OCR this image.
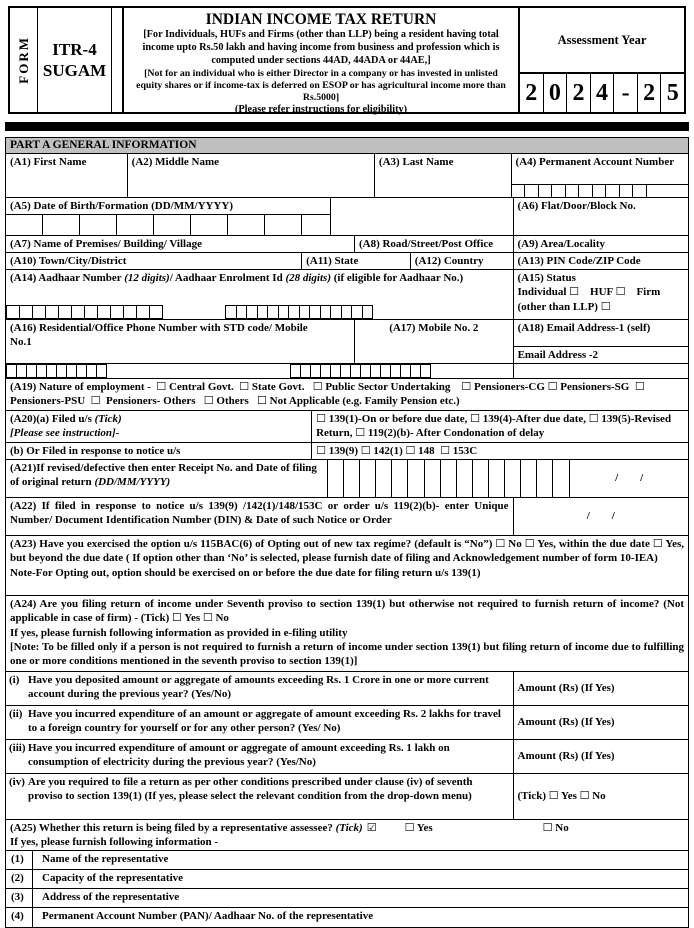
FORM ITR-4
SUGAM
INDIAN INCOME TAX RETURN
[For Individuals, HUFs and Firms (other than LLP) being a resident having total income upto Rs.50 lakh and having income from business and profession which is computed under sections 44AD, 44ADA or 44AE,]
[Not for an individual who is either Director in a company or has invested in unlisted equity shares or if income-tax is deferred on ESOP or has agricultural income more than Rs.5000]
(Please refer instructions for eligibility)
Assessment Year
2 0 2 4 - 2 5
PART A GENERAL INFORMATION
(A1) First Name	(A2) Middle Name	(A3) Last Name	(A4) Permanent Account Number
(A5) Date of Birth/Formation (DD/MM/YYYY)	(A6) Flat/Door/Block No.
(A7) Name of Premises/ Building/ Village	(A8) Road/Street/Post Office	(A9) Area/Locality
(A10) Town/City/District	(A11) State	(A12) Country	(A13) PIN Code/ZIP Code
(A14) Aadhaar Number (12 digits)/ Aadhaar Enrolment Id (28 digits) (if eligible for Aadhaar No.)	(A15) Status
Individual ☐    HUF ☐    Firm (other than LLP) ☐
(A16) Residential/Office Phone Number with STD code/ Mobile No.1
(A17) Mobile No. 2	(A18) Email Address-1 (self)
Email Address -2
(A19) Nature of employment -  ☐ Central Govt.  ☐ State Govt.   ☐ Public Sector Undertaking    ☐ Pensioners-CG ☐ Pensioners-SG  ☐  Pensioners-PSU  ☐  Pensioners- Others   ☐ Others   ☐ Not Applicable (e.g. Family Pension etc.)
(A20)(a) Filed u/s (Tick)
[Please see instruction]-
☐ 139(1)-On or before due date, ☐ 139(4)-After due date, ☐ 139(5)-Revised Return, ☐ 119(2)(b)- After Condonation of delay
(b) Or Filed in response to notice u/s	☐ 139(9) ☐ 142(1) ☐ 148  ☐ 153C
(A21)If revised/defective then enter Receipt No. and Date of filing of original return (DD/MM/YYYY)	/        /
(A22) If filed in response to notice u/s 139(9) /142(1)/148/153C or order u/s 119(2)(b)- enter Unique Number/ Document Identification Number (DIN) & Date of such Notice or Order	/        /
(A23) Have you exercised the option u/s 115BAC(6) of Opting out of new tax regime? (default is “No”) ☐ No ☐ Yes, within the due date ☐ Yes, but beyond the due date ( If option other than ‘No’ is selected, please furnish date of filing and Acknowledgement number of form 10-IEA)
Note-For Opting out, option should be exercised on or before the due date for filing return u/s 139(1)
(A24) Are you filing return of income under Seventh proviso to section 139(1) but otherwise not required to furnish return of income? (Not applicable in case of firm) - (Tick) ☐ Yes ☐ No
If yes, please furnish following information as provided in e-filing utility
[Note: To be filled only if a person is not required to furnish a return of income under section 139(1) but filing return of income due to fulfilling one or more conditions mentioned in the seventh proviso to section 139(1)]
(i) Have you deposited amount or aggregate of amounts exceeding Rs. 1 Crore in one or more current account during the previous year? (Yes/No)	Amount (Rs) (If Yes)
(ii) Have you incurred expenditure of an amount or aggregate of amount exceeding Rs. 2 lakhs for travel to a foreign country for yourself or for any other person? (Yes/ No)	Amount (Rs) (If Yes)
(iii) Have you incurred expenditure of amount or aggregate of amount exceeding Rs. 1 lakh on consumption of electricity during the previous year? (Yes/No)	Amount (Rs) (If Yes)
(iv) Are you required to file a return as per other conditions prescribed under clause (iv) of seventh proviso to section 139(1) (If yes, please select the relevant condition from the drop-down menu)	(Tick) ☐ Yes ☐ No
(A25) Whether this return is being filed by a representative assessee? (Tick) ☑	☐ Yes	☐ No
If yes, please furnish following information -
(1)	Name of the representative
(2)	Capacity of the representative
(3)	Address of the representative
(4)	Permanent Account Number (PAN)/ Aadhaar No. of the representative
